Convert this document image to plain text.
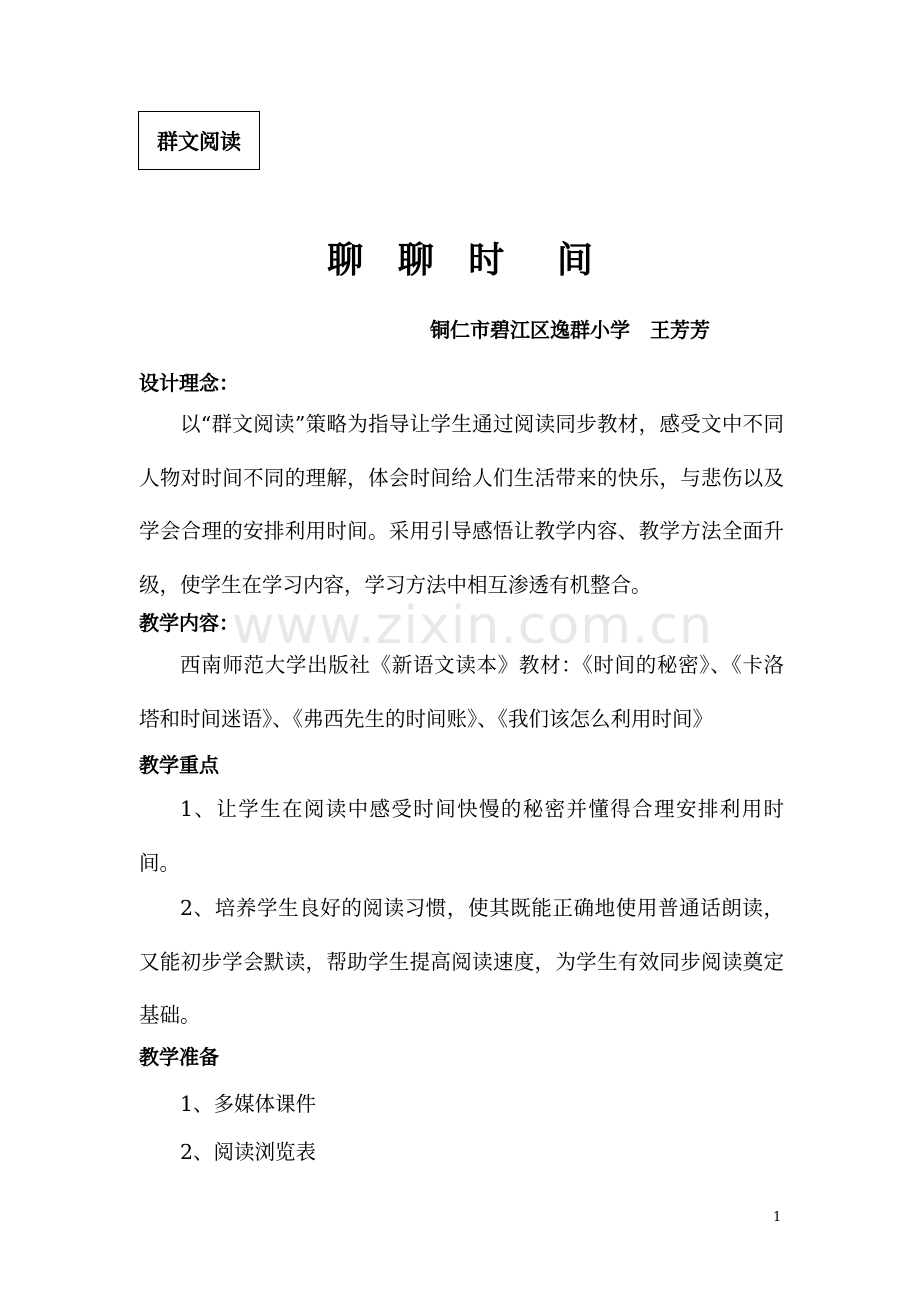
群文阅读
聊 聊 时 间
铜仁市碧江区逸群小学　王芳芳
设计理念：
以“群文阅读”策略为指导让学生通过阅读同步教材，感受文中不同人物对时间不同的理解，体会时间给人们生活带来的快乐，与悲伤以及学会合理的安排利用时间。采用引导感悟让教学内容、教学方法全面升级，使学生在学习内容，学习方法中相互渗透有机整合。
教学内容：
西南师范大学出版社《新语文读本》教材：《时间的秘密》、《卡洛塔和时间迷语》、《弗西先生的时间账》、《我们该怎么利用时间》
教学重点
1、让学生在阅读中感受时间快慢的秘密并懂得合理安排利用时间。
2、培养学生良好的阅读习惯，使其既能正确地使用普通话朗读，又能初步学会默读，帮助学生提高阅读速度，为学生有效同步阅读奠定基础。
教学准备
1、多媒体课件
2、阅读浏览表
www.zixin.com.cn
1
